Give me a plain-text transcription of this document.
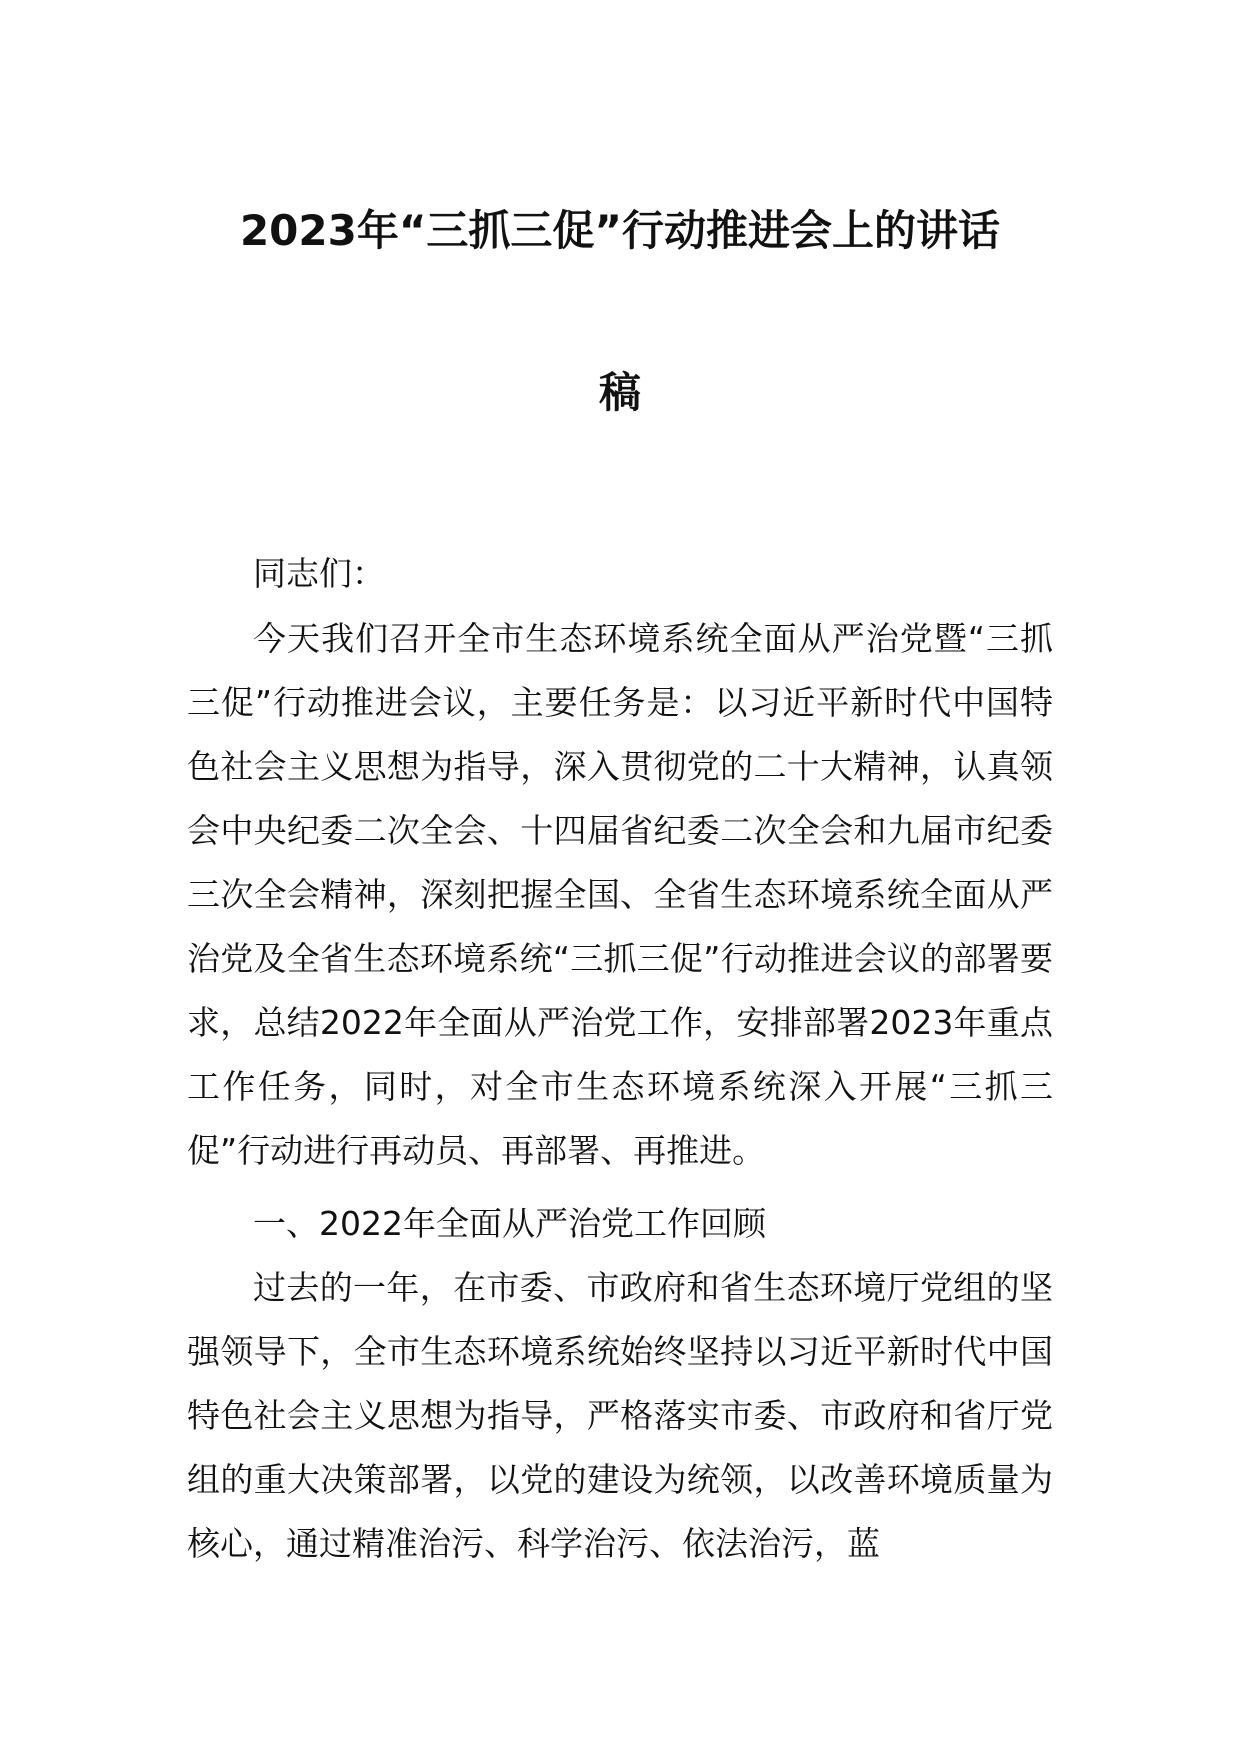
2023年“三抓三促”行动推进会上的讲话
稿
同志们：
今天我们召开全市生态环境系统全面从严治党暨“三抓三促”行动推进会议，主要任务是：以习近平新时代中国特色社会主义思想为指导，深入贯彻党的二十大精神，认真领会中央纪委二次全会、十四届省纪委二次全会和九届市纪委三次全会精神，深刻把握全国、全省生态环境系统全面从严治党及全省生态环境系统“三抓三促”行动推进会议的部署要求，总结2022年全面从严治党工作，安排部署2023年重点工作任务，同时，对全市生态环境系统深入开展“三抓三促”行动进行再动员、再部署、再推进。
一、2022年全面从严治党工作回顾
过去的一年，在市委、市政府和省生态环境厅党组的坚强领导下，全市生态环境系统始终坚持以习近平新时代中国特色社会主义思想为指导，严格落实市委、市政府和省厅党组的重大决策部署，以党的建设为统领，以改善环境质量为核心，通过精准治污、科学治污、依法治污，蓝
